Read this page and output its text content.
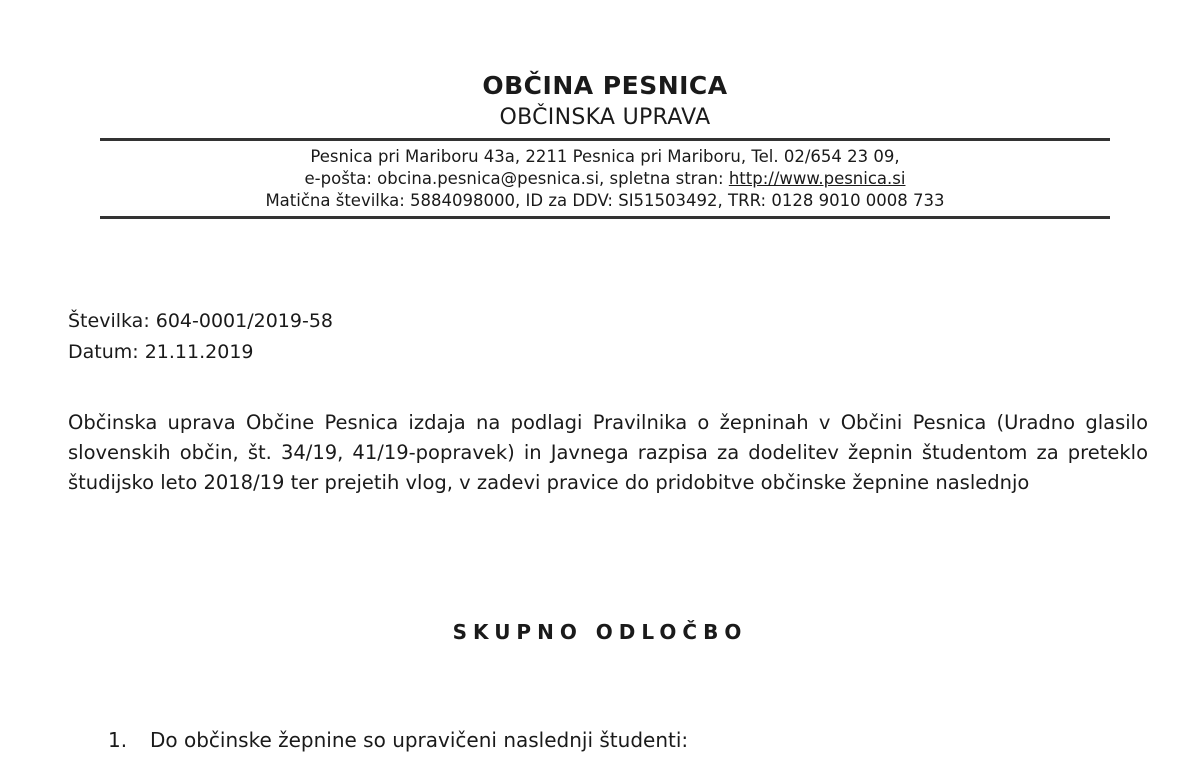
OBČINA PESNICA
OBČINSKA UPRAVA
Pesnica pri Mariboru 43a, 2211 Pesnica pri Mariboru, Tel. 02/654 23 09,
e-pošta: obcina.pesnica@pesnica.si, spletna stran: http://www.pesnica.si
Matična številka: 5884098000, ID za DDV: SI51503492, TRR: 0128 9010 0008 733
Številka: 604-0001/2019-58
Datum: 21.11.2019
Občinska uprava Občine Pesnica izdaja na podlagi Pravilnika o žepninah v Občini Pesnica (Uradno glasilo slovenskih občin, št. 34/19, 41/19-popravek) in Javnega razpisa za dodelitev žepnin študentom za preteklo študijsko leto 2018/19 ter prejetih vlog, v zadevi pravice do pridobitve občinske žepnine naslednjo
SKUPNO ODLOČBO
1. Do občinske žepnine so upravičeni naslednji študenti:
